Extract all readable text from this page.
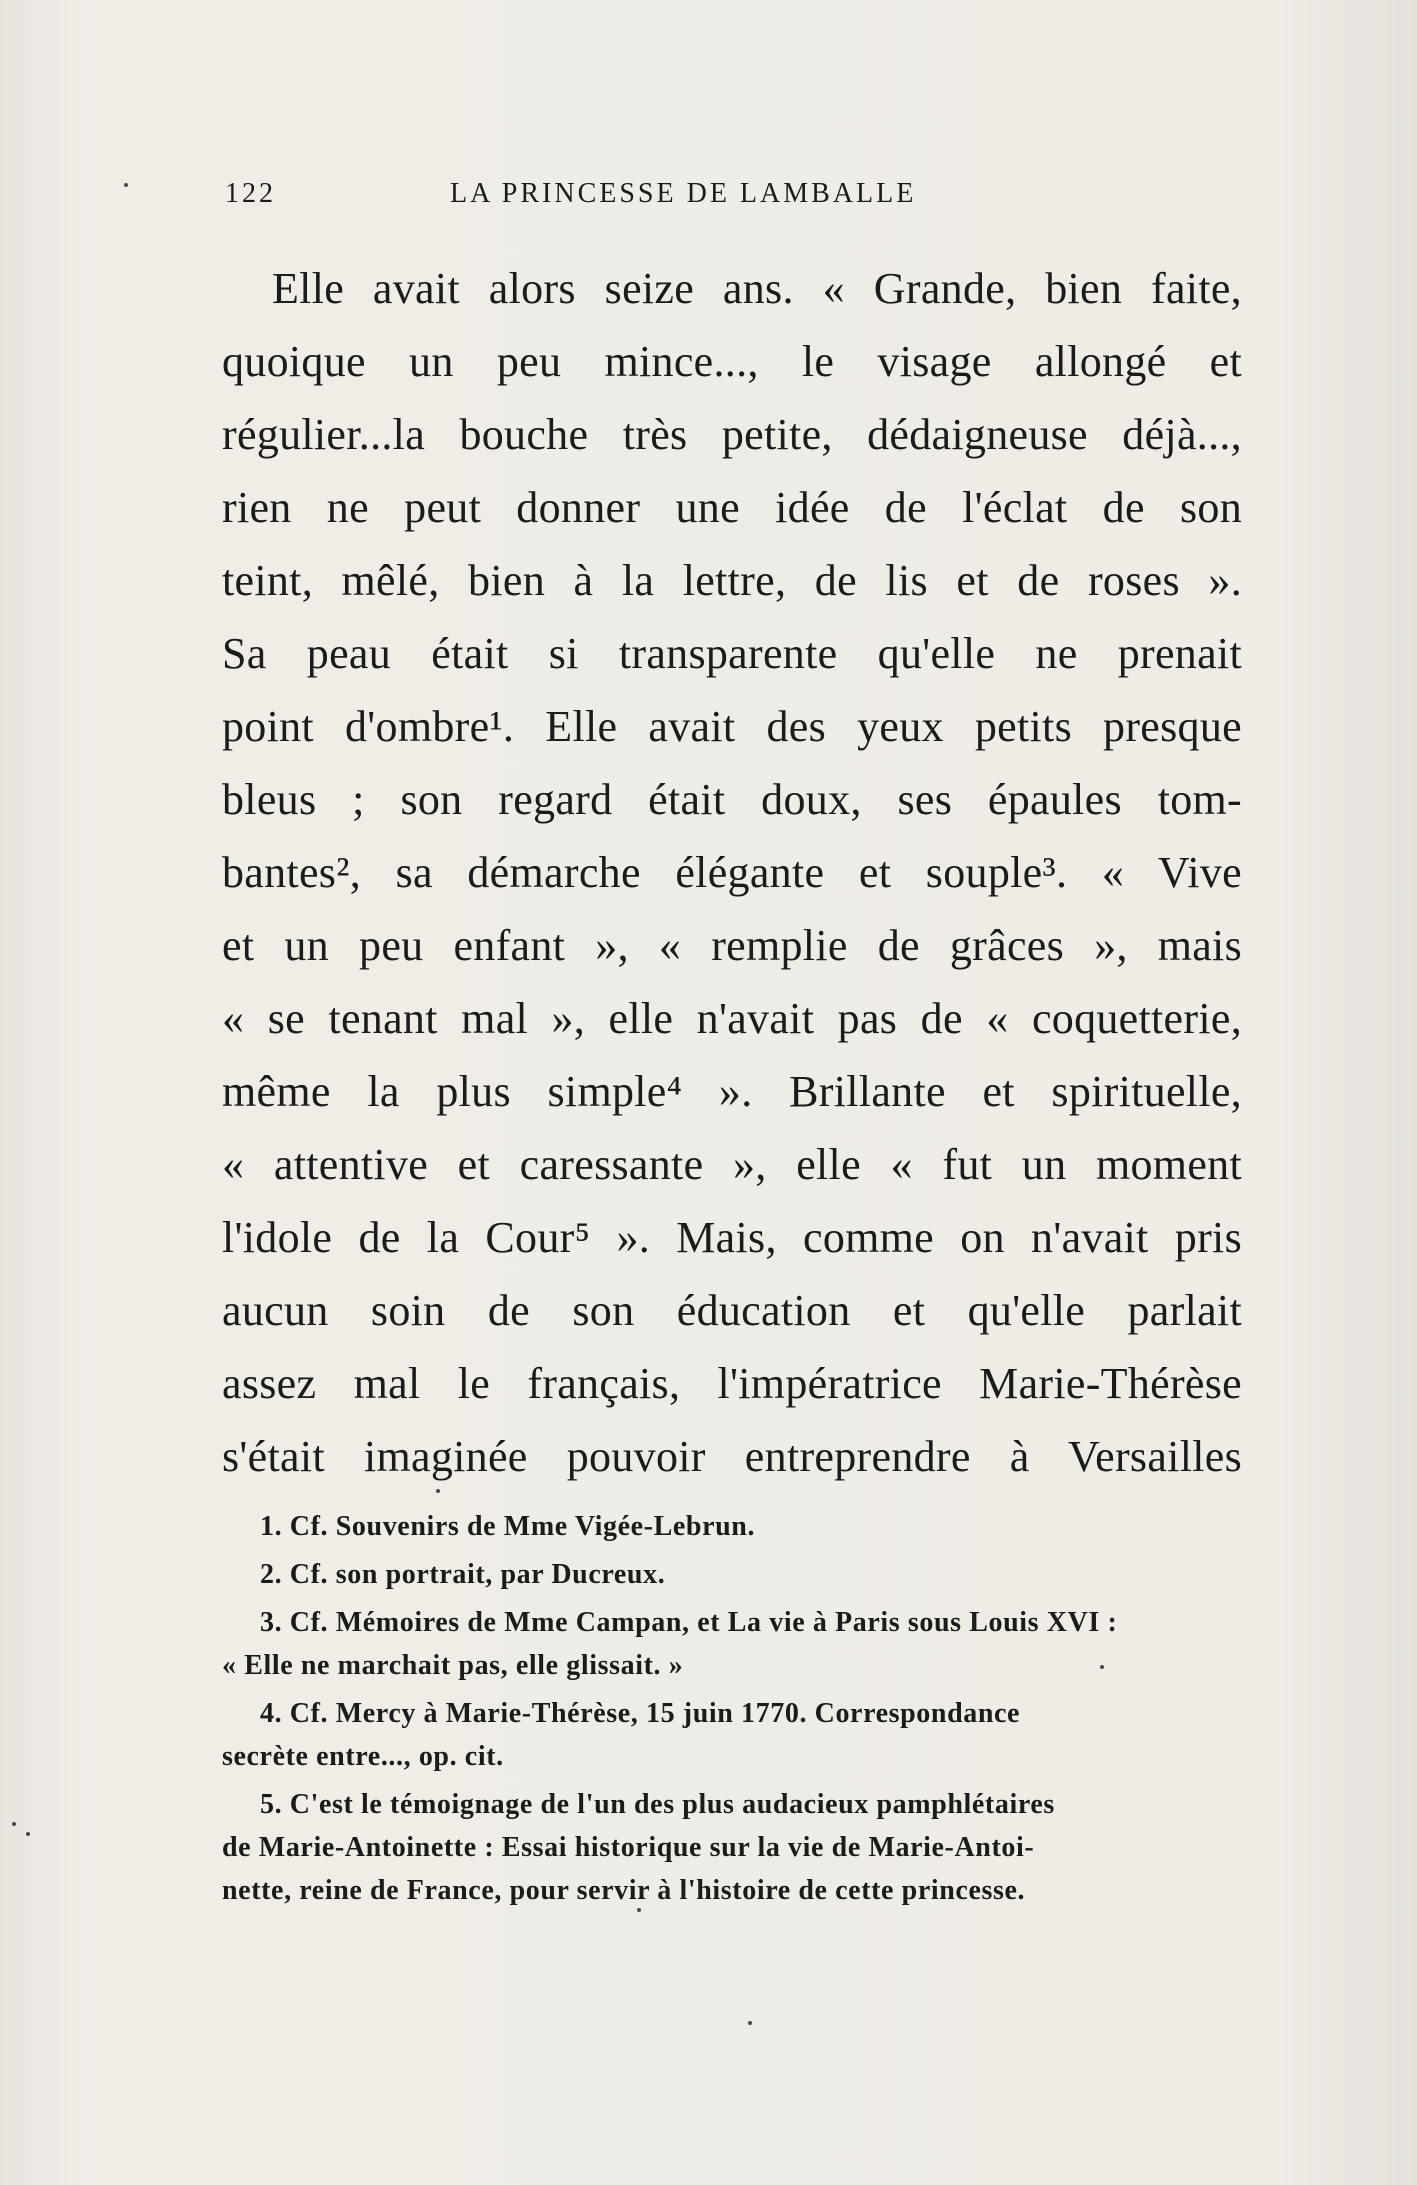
122	LA PRINCESSE DE LAMBALLE
Elle avait alors seize ans. « Grande, bien faite,
quoique un peu mince..., le visage allongé et
régulier...la bouche très petite, dédaigneuse déjà...,
rien ne peut donner une idée de l'éclat de son
teint, mêlé, bien à la lettre, de lis et de roses ».
Sa peau était si transparente qu'elle ne prenait
point d'ombre¹. Elle avait des yeux petits presque
bleus ; son regard était doux, ses épaules tom-
bantes², sa démarche élégante et souple³. « Vive
et un peu enfant », « remplie de grâces », mais
« se tenant mal », elle n'avait pas de « coquetterie,
même la plus simple⁴ ». Brillante et spirituelle,
« attentive et caressante », elle « fut un moment
l'idole de la Cour⁵ ». Mais, comme on n'avait pris
aucun soin de son éducation et qu'elle parlait
assez mal le français, l'impératrice Marie-Thérèse
s'était imaginée pouvoir entreprendre à Versailles
1. Cf. Souvenirs de Mme Vigée-Lebrun.
2. Cf. son portrait, par Ducreux.
3. Cf. Mémoires de Mme Campan, et La vie à Paris sous Louis XVI :
« Elle ne marchait pas, elle glissait. »
4. Cf. Mercy à Marie-Thérèse, 15 juin 1770. Correspondance
secrète entre..., op. cit.
5. C'est le témoignage de l'un des plus audacieux pamphlétaires
de Marie-Antoinette : Essai historique sur la vie de Marie-Antoi-
nette, reine de France, pour servir à l'histoire de cette princesse.
